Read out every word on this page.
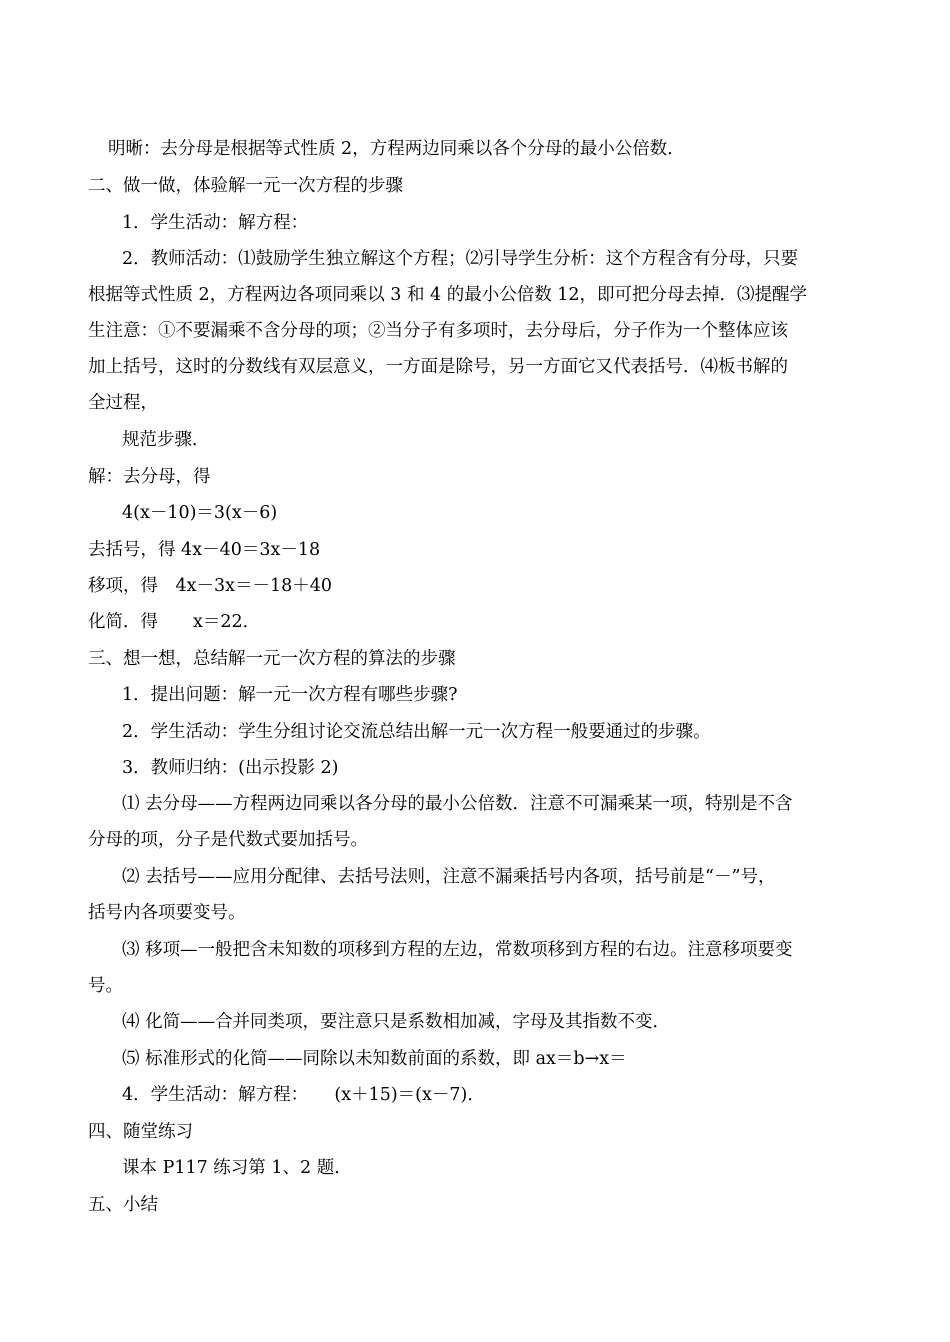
明晰：去分母是根据等式性质 2，方程两边同乘以各个分母的最小公倍数．
二、做一做，体验解一元一次方程的步骤
1．学生活动：解方程：
2．教师活动：⑴鼓励学生独立解这个方程；⑵引导学生分析：这个方程含有分母，只要
根据等式性质 2，方程两边各项同乘以 3 和 4 的最小公倍数 12，即可把分母去掉．⑶提醒学
生注意：①不要漏乘不含分母的项；②当分子有多项时，去分母后，分子作为一个整体应该
加上括号，这时的分数线有双层意义，一方面是除号，另一方面它又代表括号．⑷板书解的
全过程，
规范步骤．
解：去分母，得
4(x－10)＝3(x－6)
去括号，得 4x－40＝3x－18
移项，得　4x－3x＝－18＋40
化简．得　　x＝22．
三、想一想，总结解一元一次方程的算法的步骤
1．提出问题：解一元一次方程有哪些步骤?
2．学生活动：学生分组讨论交流总结出解一元一次方程一般要通过的步骤。
3．教师归纳：(出示投影 2)
⑴ 去分母——方程两边同乘以各分母的最小公倍数．注意不可漏乘某一项，特别是不含
分母的项，分子是代数式要加括号。
⑵ 去括号——应用分配律、去括号法则，注意不漏乘括号内各项，括号前是“－”号，
括号内各项要变号。
⑶ 移项—一般把含未知数的项移到方程的左边，常数项移到方程的右边。注意移项要变
号。
⑷ 化简——合并同类项，要注意只是系数相加减，字母及其指数不变．
⑸ 标准形式的化简——同除以未知数前面的系数，即 ax＝b→x＝
4．学生活动：解方程：　　(x＋15)＝(x－7)．
四、随堂练习
课本 P117 练习第 1、2 题．
五、小结
